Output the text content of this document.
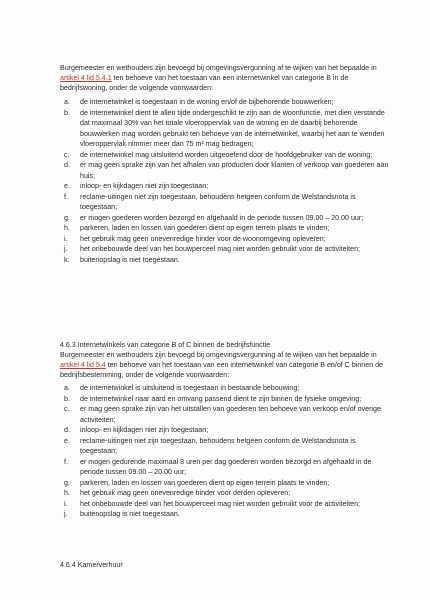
Burgemeester en wethouders zijn bevoegd bij omgevingsvergunning af te wijken van het bepaalde in artikel 4 lid 5.4.1 ten behoeve van het toestaan van een internetwinkel van categorie B in de bedrijfswoning, onder de volgende voorwaarden:

a. de internetwinkel is toegestaan in de woning en/of de bijbehorende bouwwerken;
b. de internetwinkel dient te allen tijde ondergeschikt te zijn aan de woonfunctie, met dien verstande dat maximaal 30% van het totale vloeroppervlak van de woning en de daarbij behorende bouwwerken mag worden gebruikt ten behoeve van de internetwinkel, waarbij het aan te wenden vloeroppervlak nimmer meer dan 75 m² mag bedragen;
c. de internetwinkel mag uitsluitend worden uitgeoefend door de hoofdgebruiker van de woning;
d. er mag geen sprake zijn van het afhalen van producten door klanten of verkoop van goederen aan huis;
e. inloop- en kijkdagen niet zijn toegestaan;
f. reclame-uitingen niet zijn toegestaan, behoudens hetgeen conform de Welstandsnota is toegestaan;
g. er mogen goederen worden bezorgd en afgehaald in de periode tussen 09.00 – 20.00 uur;
h. parkeren, laden en lossen van goederen dient op eigen terrein plaats te vinden;
i. het gebruik mag geen onevenredige hinder voor de woonomgeving opleveren;
j. het onbebouwde deel van het bouwperceel mag niet worden gebruikt voor de activiteiten;
k. buitenopslag is niet toegestaan.
4.6.3 Internetwinkels van categorie B of C binnen de bedrijfsfunctie

Burgemeester en wethouders zijn bevoegd bij omgevingsvergunning af te wijken van het bepaalde in artikel 4 lid 5.4 ten behoeve van het toestaan van een internetwinkel van categorie B en/of C binnen de bedrijfsbestemming, onder de volgende voorwaarden:

a. de internetwinkel is uitsluitend is toegestaan in bestaande bebouwing;
b. de internetwinkel naar aard en omvang passend dient te zijn binnen de fysieke omgeving;
c. er mag geen sprake zijn van het uitstallen van goederen ten behoeve van verkoop en/of overige activiteiten;
d. inloop- en kijkdagen niet zijn toegestaan;
e. reclame-uitingen niet zijn toegestaan, behoudens hetgeen conform de Welstandsnota is toegestaan;
f. er mogen gedurende maximaal 8 uren per dag goederen worden bezorgd en afgehaald in de periode tussen 09.00 – 20.00 uur;
g. parkeren, laden en lossen van goederen dient op eigen terrein plaats te vinden;
h. het gebruik mag geen onevenredige hinder voor derden opleveren;
i. het onbebouwde deel van het bouwperceel mag niet worden gebruikt voor de activiteiten;
j. buitenopslag is niet toegestaan.
4.6.4 Kamerverhuur
